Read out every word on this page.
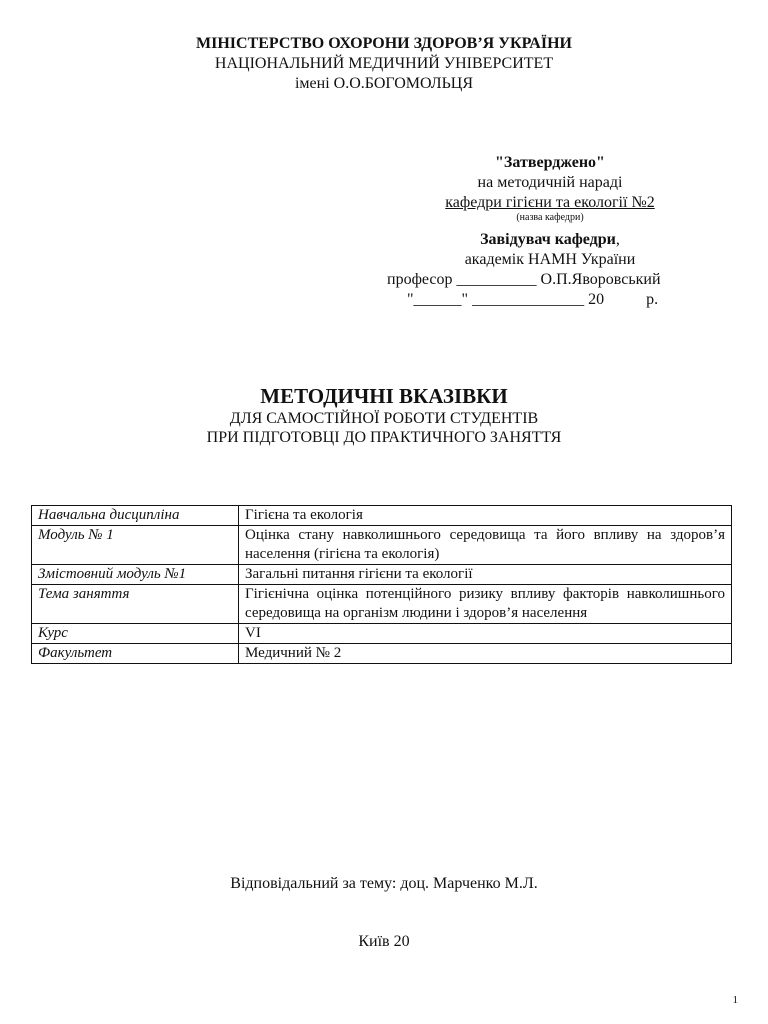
МІНІСТЕРСТВО ОХОРОНИ ЗДОРОВ’Я УКРАЇНИ
НАЦІОНАЛЬНИЙ МЕДИЧНИЙ УНІВЕРСИТЕТ
імені О.О.БОГОМОЛЬЦЯ
"Затверджено"
на методичній нараді
кафедри гігієни та екології №2
(назва кафедри)
Завідувач кафедри,
академік НАМН України
професор __________ О.П.Яворовський
"______" ______________ 20	р.
МЕТОДИЧНІ ВКАЗІВКИ
ДЛЯ САМОСТІЙНОЇ РОБОТИ СТУДЕНТІВ
ПРИ ПІДГОТОВЦІ ДО ПРАКТИЧНОГО ЗАНЯТТЯ
Навчальна дисципліна	Гігієна та екологія
Модуль № 1	Оцінка стану навколишнього середовища та його впливу на здоров’я населення (гігієна та екологія)
Змістовний модуль №1	Загальні питання гігієни та екології
Тема заняття	Гігієнічна оцінка потенційного ризику впливу факторів навколишнього середовища на організм людини і здоров’я населення
Курс	VI
Факультет	Медичний № 2
Відповідальний за тему: доц. Марченко М.Л.
Київ 20
1
